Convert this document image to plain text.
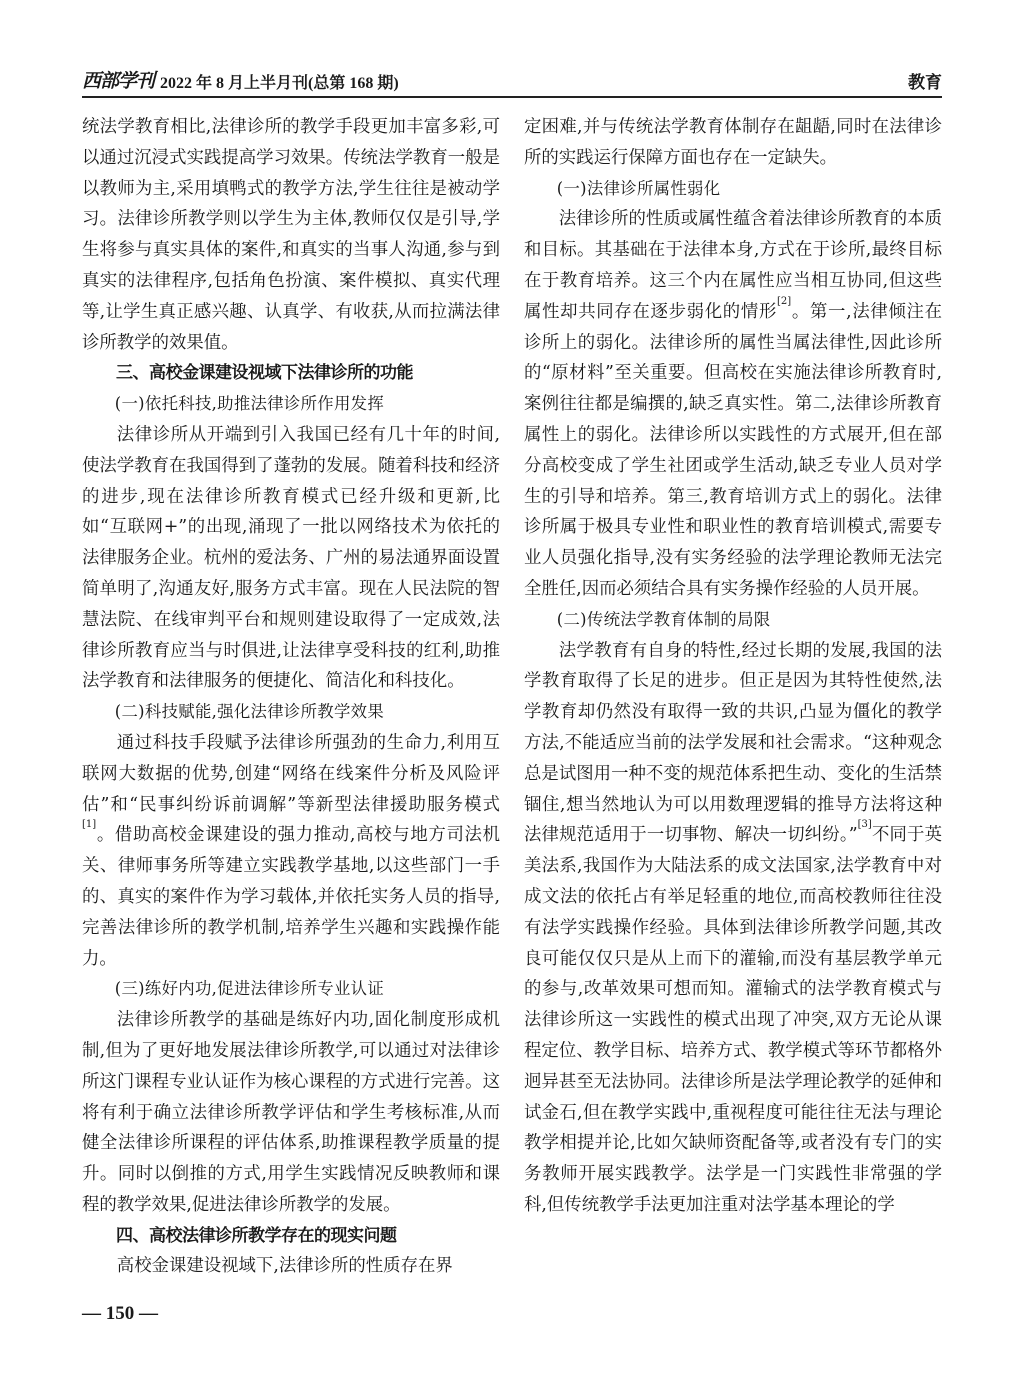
西部学刊 2022 年 8 月上半月刊(总第 168 期)	教育

统法学教育相比,法律诊所的教学手段更加丰富多彩,可以通过沉浸式实践提高学习效果。传统法学教育一般是以教师为主,采用填鸭式的教学方法,学生往往是被动学习。法律诊所教学则以学生为主体,教师仅仅是引导,学生将参与真实具体的案件,和真实的当事人沟通,参与到真实的法律程序,包括角色扮演、案件模拟、真实代理等,让学生真正感兴趣、认真学、有收获,从而拉满法律诊所教学的效果值。

三、高校金课建设视域下法律诊所的功能

(一)依托科技,助推法律诊所作用发挥

法律诊所从开端到引入我国已经有几十年的时间,使法学教育在我国得到了蓬勃的发展。随着科技和经济的进步,现在法律诊所教育模式已经升级和更新,比如“互联网+”的出现,涌现了一批以网络技术为依托的法律服务企业。杭州的爱法务、广州的易法通界面设置简单明了,沟通友好,服务方式丰富。现在人民法院的智慧法院、在线审判平台和规则建设取得了一定成效,法律诊所教育应当与时俱进,让法律享受科技的红利,助推法学教育和法律服务的便捷化、简洁化和科技化。

(二)科技赋能,强化法律诊所教学效果

通过科技手段赋予法律诊所强劲的生命力,利用互联网大数据的优势,创建“网络在线案件分析及风险评估”和“民事纠纷诉前调解”等新型法律援助服务模式[1]。借助高校金课建设的强力推动,高校与地方司法机关、律师事务所等建立实践教学基地,以这些部门一手的、真实的案件作为学习载体,并依托实务人员的指导,完善法律诊所的教学机制,培养学生兴趣和实践操作能力。

(三)练好内功,促进法律诊所专业认证

法律诊所教学的基础是练好内功,固化制度形成机制,但为了更好地发展法律诊所教学,可以通过对法律诊所这门课程专业认证作为核心课程的方式进行完善。这将有利于确立法律诊所教学评估和学生考核标准,从而健全法律诊所课程的评估体系,助推课程教学质量的提升。同时以倒推的方式,用学生实践情况反映教师和课程的教学效果,促进法律诊所教学的发展。

四、高校法律诊所教学存在的现实问题

高校金课建设视域下,法律诊所的性质存在界

定困难,并与传统法学教育体制存在龃龉,同时在法律诊所的实践运行保障方面也存在一定缺失。

(一)法律诊所属性弱化

法律诊所的性质或属性蕴含着法律诊所教育的本质和目标。其基础在于法律本身,方式在于诊所,最终目标在于教育培养。这三个内在属性应当相互协同,但这些属性却共同存在逐步弱化的情形[2]。第一,法律倾注在诊所上的弱化。法律诊所的属性当属法律性,因此诊所的“原材料”至关重要。但高校在实施法律诊所教育时,案例往往都是编撰的,缺乏真实性。第二,法律诊所教育属性上的弱化。法律诊所以实践性的方式展开,但在部分高校变成了学生社团或学生活动,缺乏专业人员对学生的引导和培养。第三,教育培训方式上的弱化。法律诊所属于极具专业性和职业性的教育培训模式,需要专业人员强化指导,没有实务经验的法学理论教师无法完全胜任,因而必须结合具有实务操作经验的人员开展。

(二)传统法学教育体制的局限

法学教育有自身的特性,经过长期的发展,我国的法学教育取得了长足的进步。但正是因为其特性使然,法学教育却仍然没有取得一致的共识,凸显为僵化的教学方法,不能适应当前的法学发展和社会需求。“这种观念总是试图用一种不变的规范体系把生动、变化的生活禁锢住,想当然地认为可以用数理逻辑的推导方法将这种法律规范适用于一切事物、解决一切纠纷。”[3]不同于英美法系,我国作为大陆法系的成文法国家,法学教育中对成文法的依托占有举足轻重的地位,而高校教师往往没有法学实践操作经验。具体到法律诊所教学问题,其改良可能仅仅只是从上而下的灌输,而没有基层教学单元的参与,改革效果可想而知。灌输式的法学教育模式与法律诊所这一实践性的模式出现了冲突,双方无论从课程定位、教学目标、培养方式、教学模式等环节都格外迥异甚至无法协同。法律诊所是法学理论教学的延伸和试金石,但在教学实践中,重视程度可能往往无法与理论教学相提并论,比如欠缺师资配备等,或者没有专门的实务教师开展实践教学。法学是一门实践性非常强的学科,但传统教学手法更加注重对法学基本理论的学

— 150 —
